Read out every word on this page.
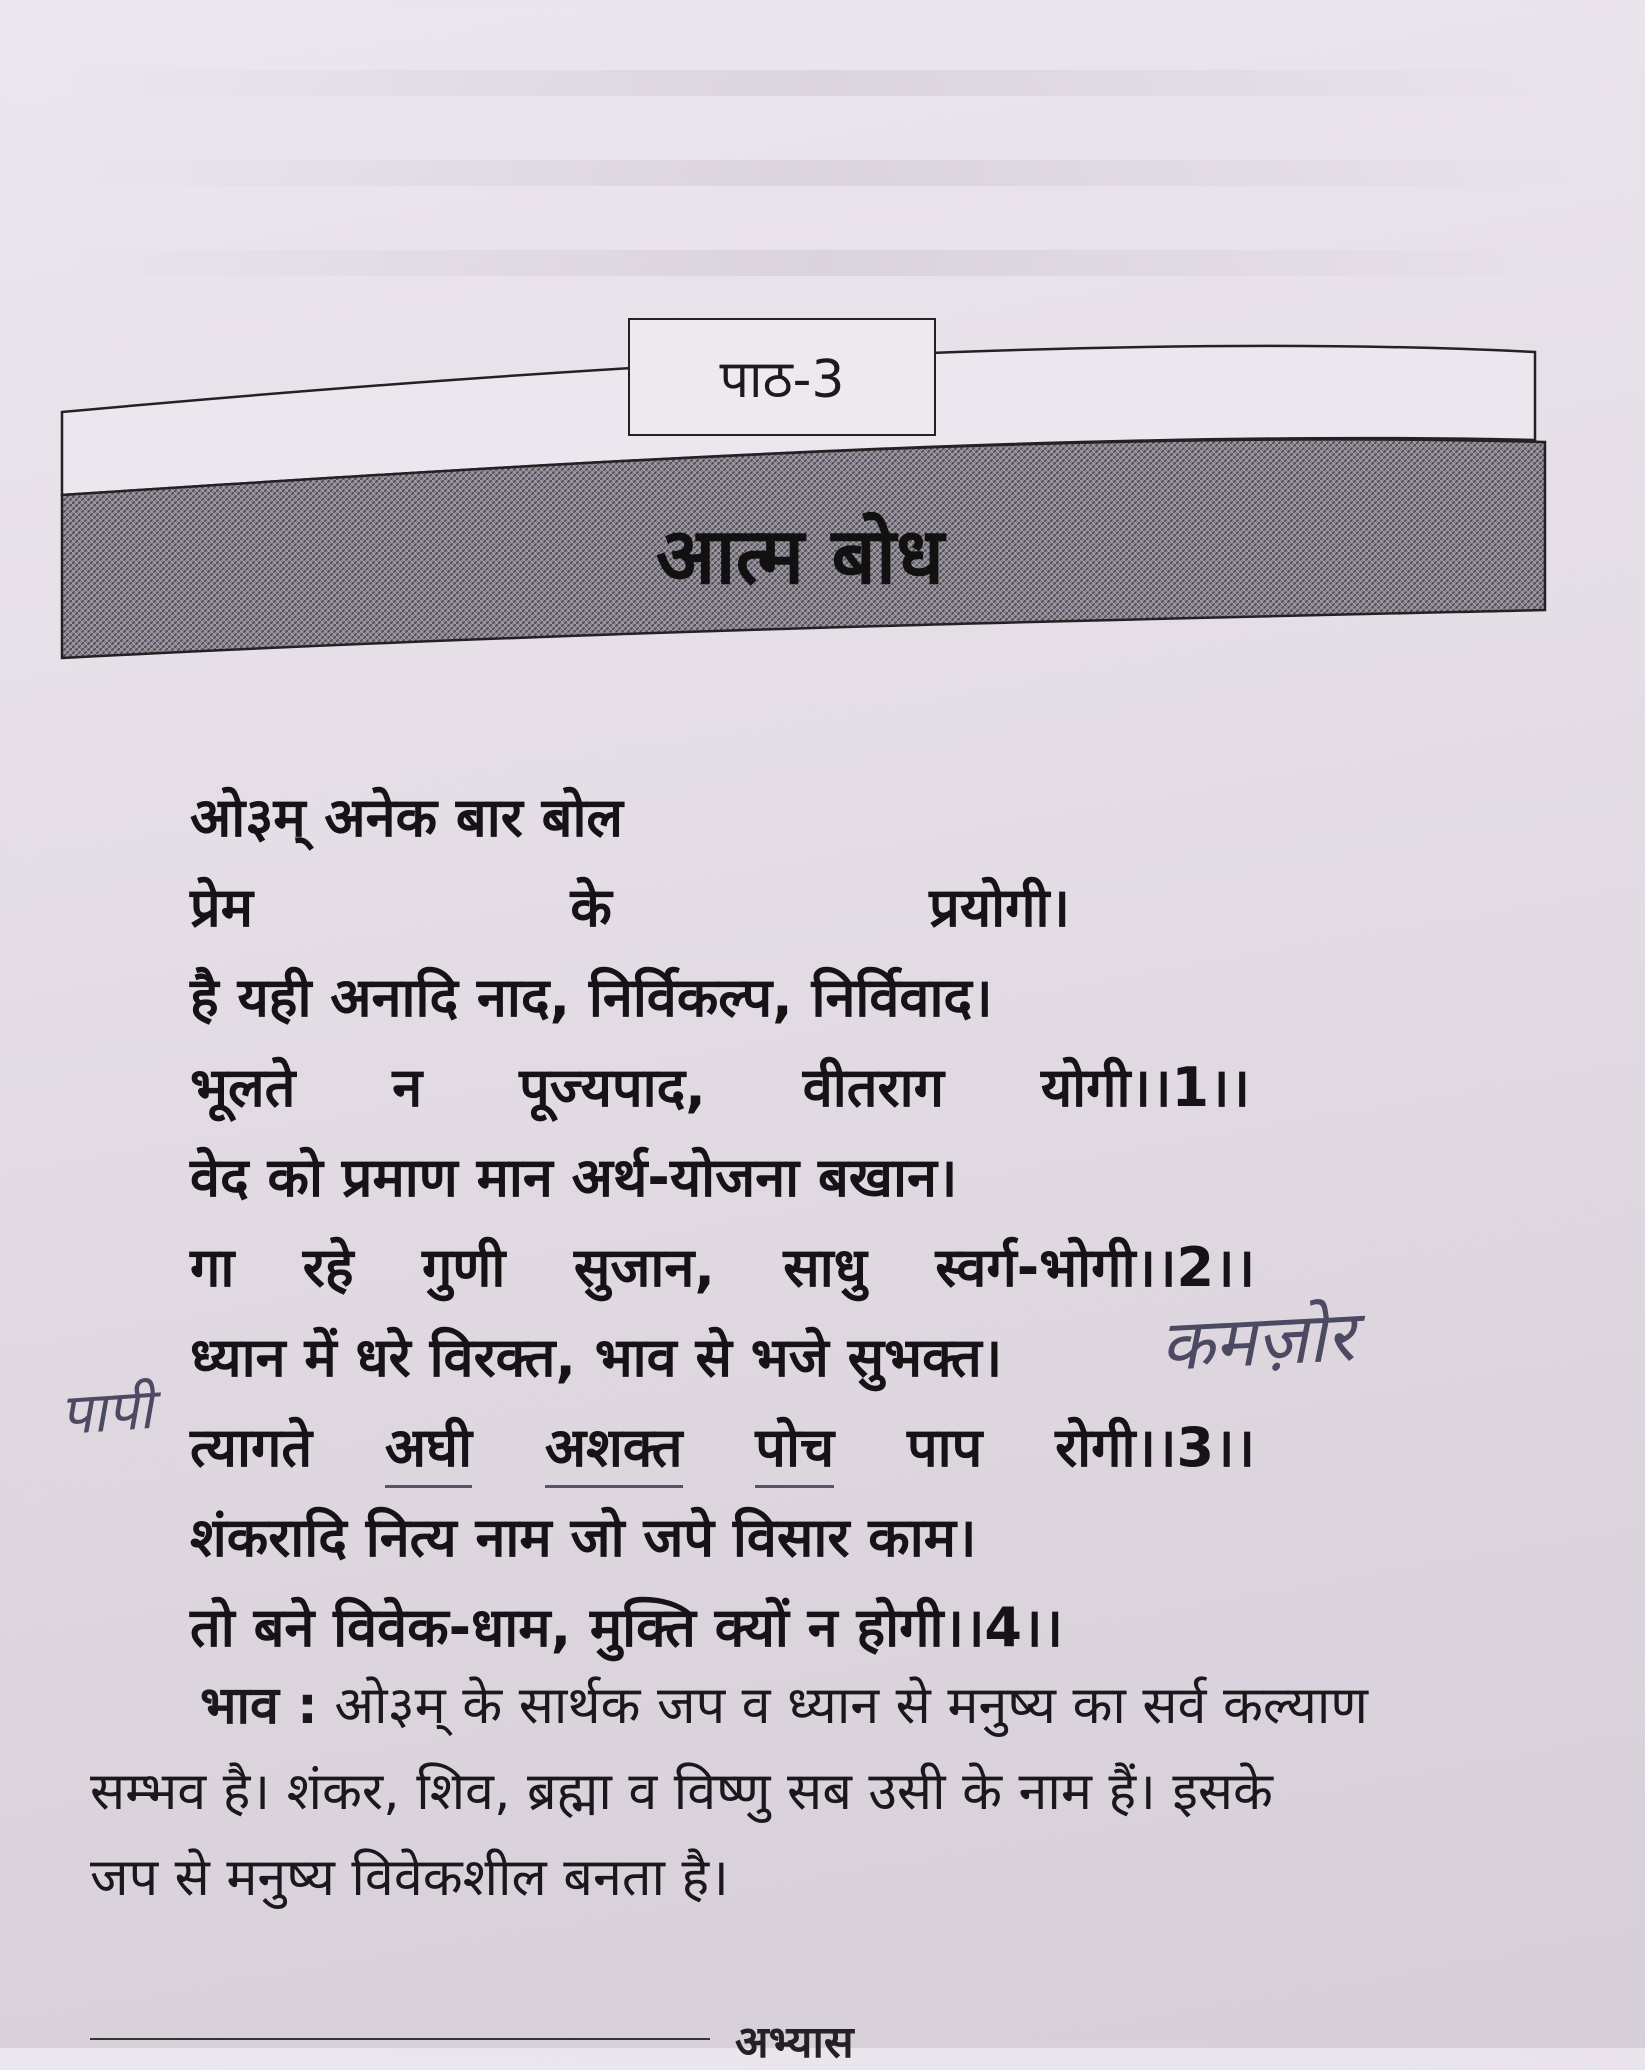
पाठ-3
आत्म बोध
ओ३म् अनेक बार बोल
प्रेम	के	प्रयोगी।
है यही अनादि नाद, निर्विकल्प, निर्विवाद।
भूलते न पूज्यपाद, वीतराग योगी।।1।।
वेद को प्रमाण मान अर्थ-योजना बखान।
गा रहे गुणी सुजान, साधु स्वर्ग-भोगी।।2।।
ध्यान में धरे विरक्त, भाव से भजे सुभक्त।
त्यागते अघी अशक्त पोच पाप रोगी।।3।।
शंकरादि नित्य नाम जो जपे विसार काम।
तो बने विवेक-धाम, मुक्ति क्यों न होगी।।4।।
पापी
कमज़ोर
भाव : ओ३म् के सार्थक जप व ध्यान से मनुष्य का सर्व कल्याण
सम्भव है। शंकर, शिव, ब्रह्मा व विष्णु सब उसी के नाम हैं। इसके
जप से मनुष्य विवेकशील बनता है।
अभ्यास
